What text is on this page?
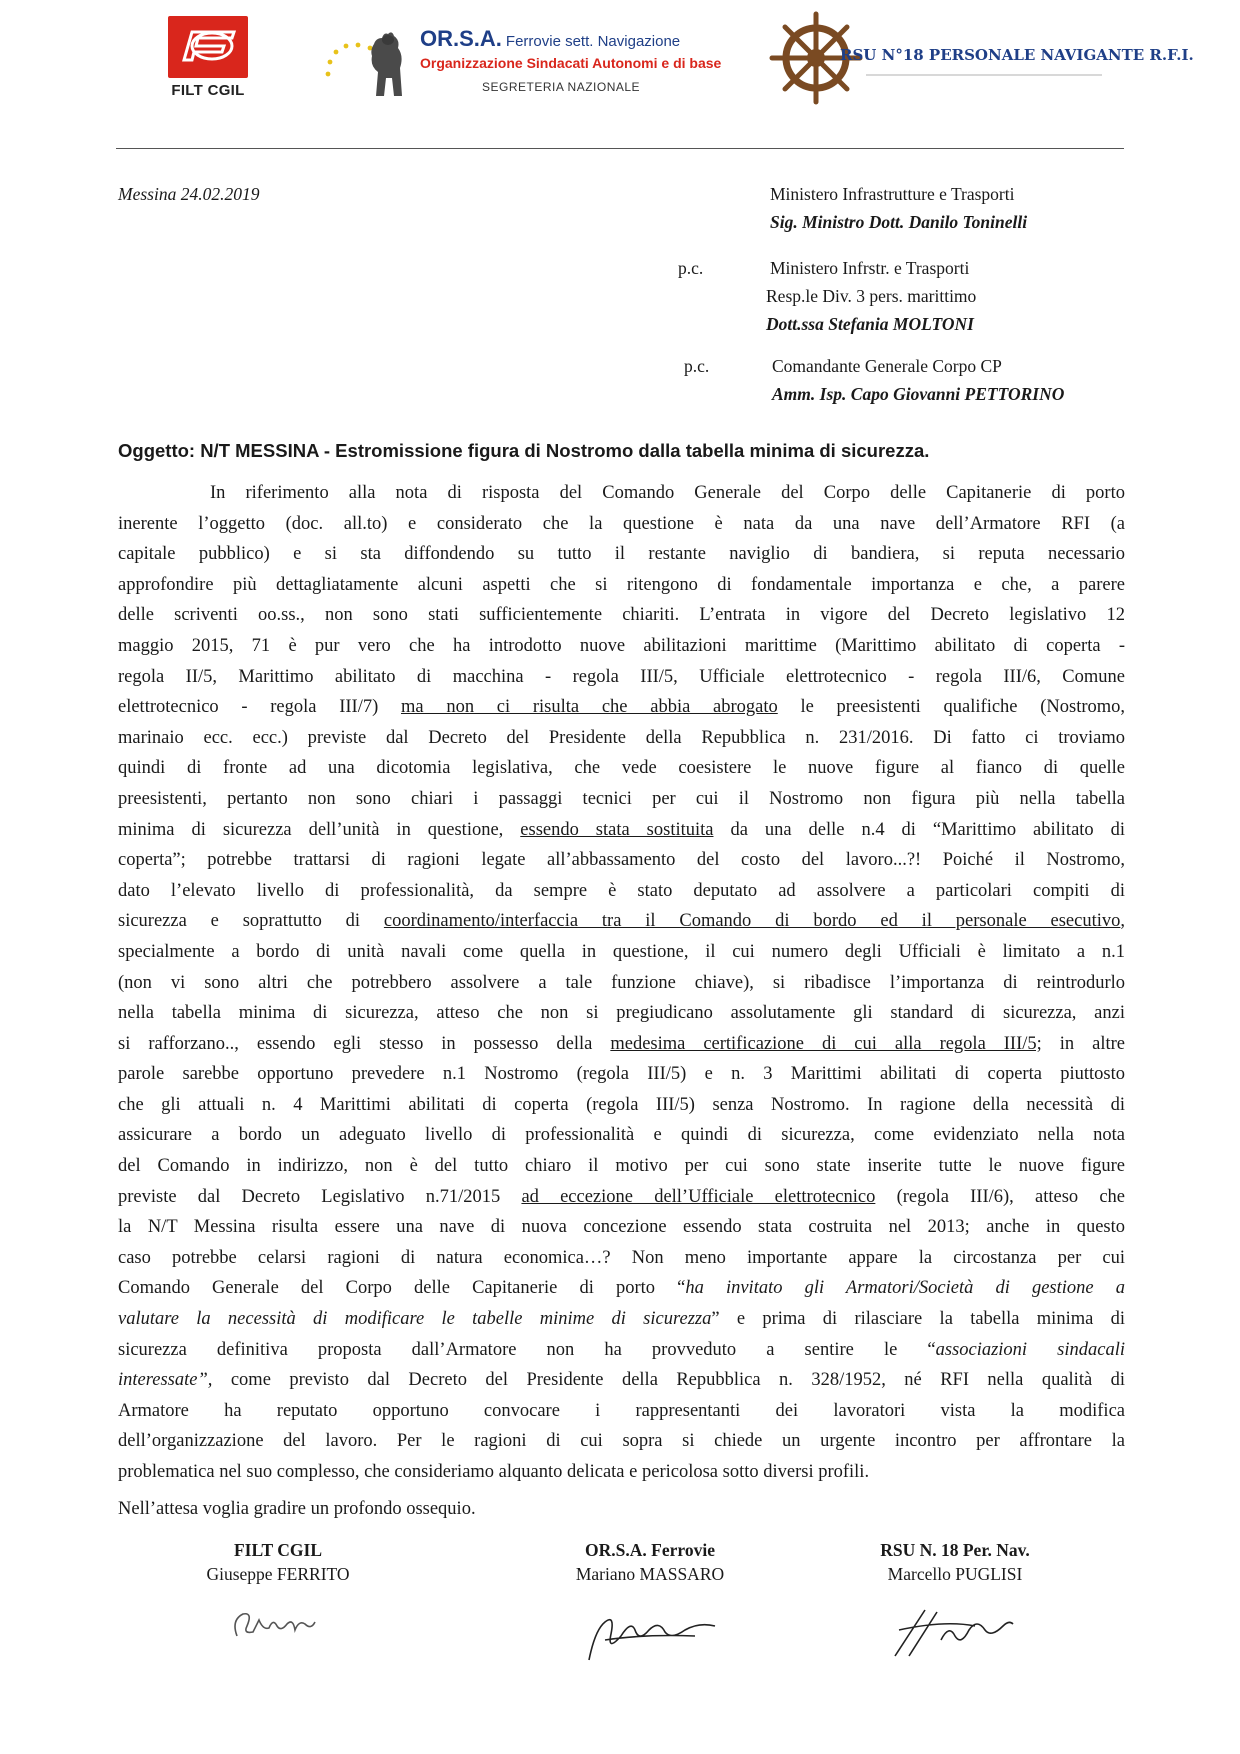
FILT CGIL
OR.S.A. Ferrovie sett. Navigazione
Organizzazione Sindacati Autonomi e di base
SEGRETERIA NAZIONALE
RSU N°18 PERSONALE NAVIGANTE R.F.I.
Messina 24.02.2019	Ministero Infrastrutture e Trasporti
Sig. Ministro Dott. Danilo Toninelli
p.c.	Ministero Infrstr. e Trasporti
Resp.le Div. 3 pers. marittimo
Dott.ssa Stefania MOLTONI
p.c.	Comandante Generale Corpo CP
Amm. Isp. Capo Giovanni PETTORINO
Oggetto: N/T MESSINA - Estromissione figura di Nostromo dalla tabella minima di sicurezza.
In riferimento alla nota di risposta del Comando Generale del Corpo delle Capitanerie di porto
inerente l’oggetto (doc. all.to) e considerato che la questione è nata da una nave dell’Armatore RFI (a
capitale pubblico) e si sta diffondendo su tutto il restante naviglio di bandiera, si reputa necessario
approfondire più dettagliatamente alcuni aspetti che si ritengono di fondamentale importanza e che, a parere
delle scriventi oo.ss., non sono stati sufficientemente chiariti. L’entrata in vigore del Decreto legislativo 12
maggio 2015, 71 è pur vero che ha introdotto nuove abilitazioni marittime (Marittimo abilitato di coperta -
regola II/5, Marittimo abilitato di macchina - regola III/5, Ufficiale elettrotecnico - regola III/6, Comune
elettrotecnico - regola III/7) ma non ci risulta che abbia abrogato le preesistenti qualifiche (Nostromo,
marinaio ecc. ecc.) previste dal Decreto del Presidente della Repubblica n. 231/2016. Di fatto ci troviamo
quindi di fronte ad una dicotomia legislativa, che vede coesistere le nuove figure al fianco di quelle
preesistenti, pertanto non sono chiari i passaggi tecnici per cui il Nostromo non figura più nella tabella
minima di sicurezza dell’unità in questione, essendo stata sostituita da una delle n.4 di “Marittimo abilitato di
coperta”; potrebbe trattarsi di ragioni legate all’abbassamento del costo del lavoro...?! Poiché il Nostromo,
dato l’elevato livello di professionalità, da sempre è stato deputato ad assolvere a particolari compiti di
sicurezza e soprattutto di coordinamento/interfaccia tra il Comando di bordo ed il personale esecutivo,
specialmente a bordo di unità navali come quella in questione, il cui numero degli Ufficiali è limitato a n.1
(non vi sono altri che potrebbero assolvere a tale funzione chiave), si ribadisce l’importanza di reintrodurlo
nella tabella minima di sicurezza, atteso che non si pregiudicano assolutamente gli standard di sicurezza, anzi
si rafforzano.., essendo egli stesso in possesso della medesima certificazione di cui alla regola III/5; in altre
parole sarebbe opportuno prevedere n.1 Nostromo (regola III/5) e n. 3 Marittimi abilitati di coperta piuttosto
che gli attuali n. 4 Marittimi abilitati di coperta (regola III/5) senza Nostromo. In ragione della necessità di
assicurare a bordo un adeguato livello di professionalità e quindi di sicurezza, come evidenziato nella nota
del Comando in indirizzo, non è del tutto chiaro il motivo per cui sono state inserite tutte le nuove figure
previste dal Decreto Legislativo n.71/2015 ad eccezione dell’Ufficiale elettrotecnico (regola III/6), atteso che
la N/T Messina risulta essere una nave di nuova concezione essendo stata costruita nel 2013; anche in questo
caso potrebbe celarsi ragioni di natura economica…? Non meno importante appare la circostanza per cui
Comando Generale del Corpo delle Capitanerie di porto “ha invitato gli Armatori/Società di gestione a
valutare la necessità di modificare le tabelle minime di sicurezza” e prima di rilasciare la tabella minima di
sicurezza definitiva proposta dall’Armatore non ha provveduto a sentire le “associazioni sindacali
interessate”, come previsto dal Decreto del Presidente della Repubblica n. 328/1952, né RFI nella qualità di
Armatore ha reputato opportuno convocare i rappresentanti dei lavoratori vista la modifica
dell’organizzazione del lavoro. Per le ragioni di cui sopra si chiede un urgente incontro per affrontare la
problematica nel suo complesso, che consideriamo alquanto delicata e pericolosa sotto diversi profili.
Nell’attesa voglia gradire un profondo ossequio.
FILT CGIL
Giuseppe FERRITO
OR.S.A. Ferrovie
Mariano MASSARO
RSU N. 18 Per. Nav.
Marcello PUGLISI
